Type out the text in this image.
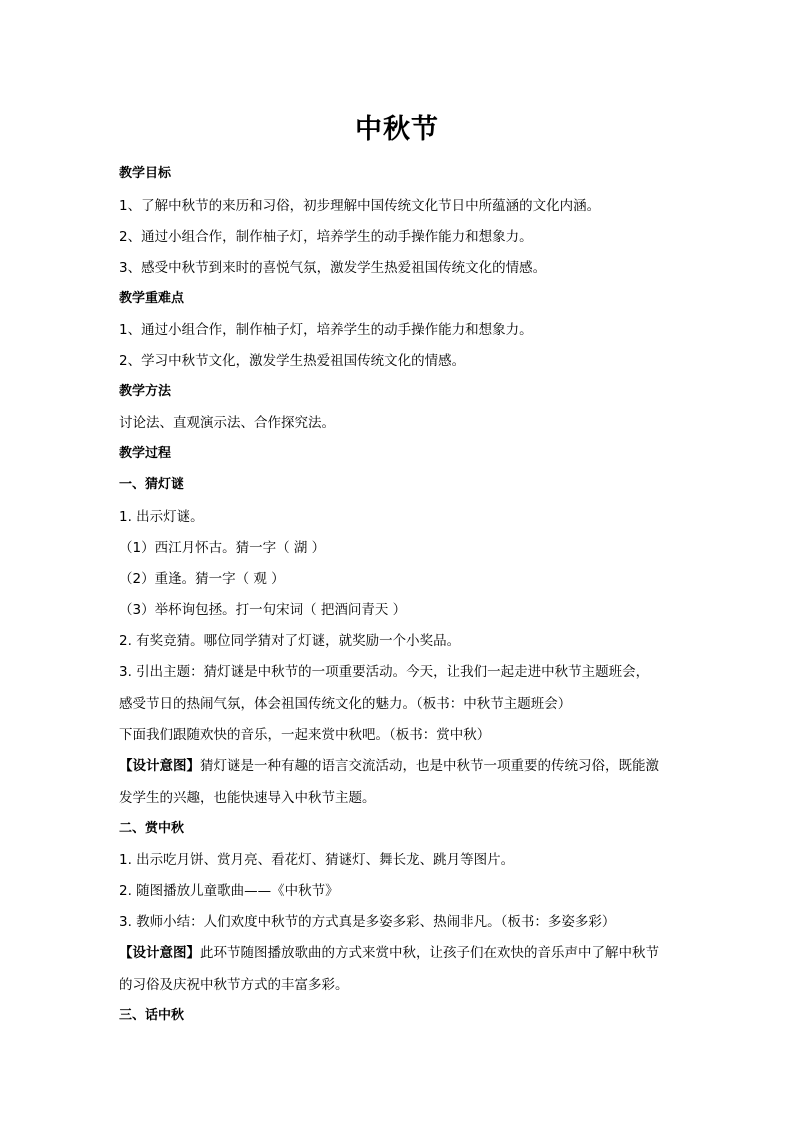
中秋节
教学目标
1、了解中秋节的来历和习俗，初步理解中国传统文化节日中所蕴涵的文化内涵。
2、通过小组合作，制作柚子灯，培养学生的动手操作能力和想象力。
3、感受中秋节到来时的喜悦气氛，激发学生热爱祖国传统文化的情感。
教学重难点
1、通过小组合作，制作柚子灯，培养学生的动手操作能力和想象力。
2、学习中秋节文化，激发学生热爱祖国传统文化的情感。
教学方法
讨论法、直观演示法、合作探究法。
教学过程
一、猜灯谜
1. 出示灯谜。
（1）西江月怀古。猜一字（ 湖 ）
（2）重逢。猜一字（ 观 ）
（3）举杯询包拯。打一句宋词（ 把酒问青天 ）
2. 有奖竞猜。哪位同学猜对了灯谜，就奖励一个小奖品。
3. 引出主题：猜灯谜是中秋节的一项重要活动。今天，让我们一起走进中秋节主题班会，
感受节日的热闹气氛，体会祖国传统文化的魅力。（板书：中秋节主题班会）
下面我们跟随欢快的音乐，一起来赏中秋吧。（板书：赏中秋）
【设计意图】猜灯谜是一种有趣的语言交流活动，也是中秋节一项重要的传统习俗，既能激
发学生的兴趣，也能快速导入中秋节主题。
二、赏中秋
1. 出示吃月饼、赏月亮、看花灯、猜谜灯、舞长龙、跳月等图片。
2. 随图播放儿童歌曲——《中秋节》
3. 教师小结：人们欢度中秋节的方式真是多姿多彩、热闹非凡。（板书：多姿多彩）
【设计意图】此环节随图播放歌曲的方式来赏中秋，让孩子们在欢快的音乐声中了解中秋节
的习俗及庆祝中秋节方式的丰富多彩。
三、话中秋
